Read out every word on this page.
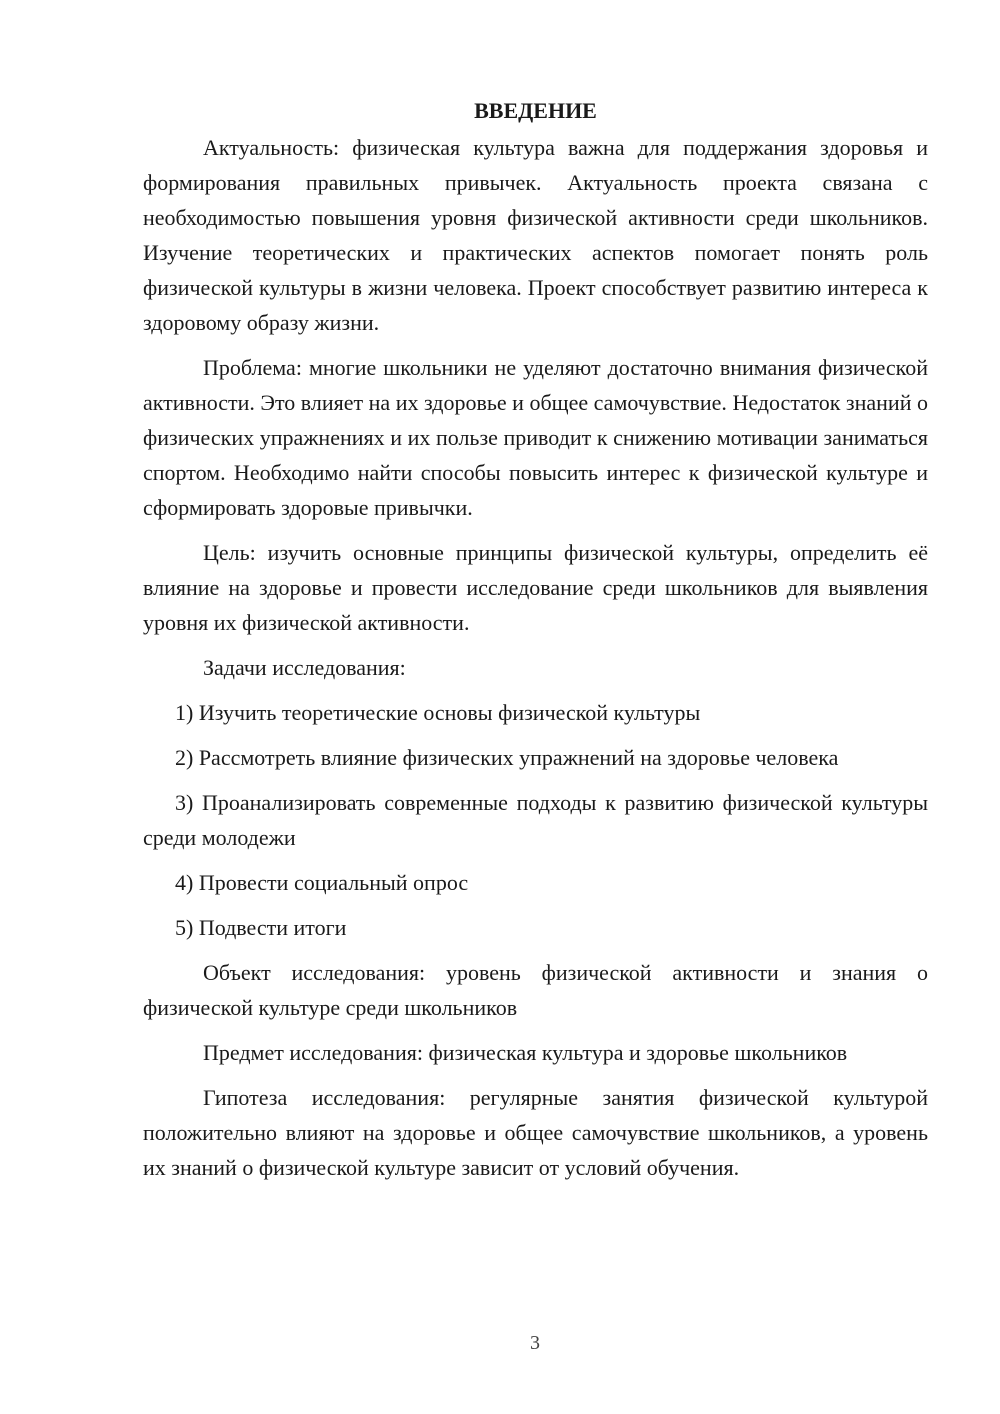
ВВЕДЕНИЕ

Актуальность: физическая культура важна для поддержания здоровья и формирования правильных привычек. Актуальность проекта связана с необходимостью повышения уровня физической активности среди школьников. Изучение теоретических и практических аспектов помогает понять роль физической культуры в жизни человека. Проект способствует развитию интереса к здоровому образу жизни.

Проблема: многие школьники не уделяют достаточно внимания физической активности. Это влияет на их здоровье и общее самочувствие. Недостаток знаний о физических упражнениях и их пользе приводит к снижению мотивации заниматься спортом. Необходимо найти способы повысить интерес к физической культуре и сформировать здоровые привычки.

Цель: изучить основные принципы физической культуры, определить её влияние на здоровье и провести исследование среди школьников для выявления уровня их физической активности.

Задачи исследования:

1) Изучить теоретические основы физической культуры

2) Рассмотреть влияние физических упражнений на здоровье человека

3) Проанализировать современные подходы к развитию физической культуры среди молодежи

4) Провести социальный опрос

5) Подвести итоги

Объект исследования: уровень физической активности и знания о физической культуре среди школьников

Предмет исследования: физическая культура и здоровье школьников

Гипотеза исследования: регулярные занятия физической культурой положительно влияют на здоровье и общее самочувствие школьников, а уровень их знаний о физической культуре зависит от условий обучения.

3
